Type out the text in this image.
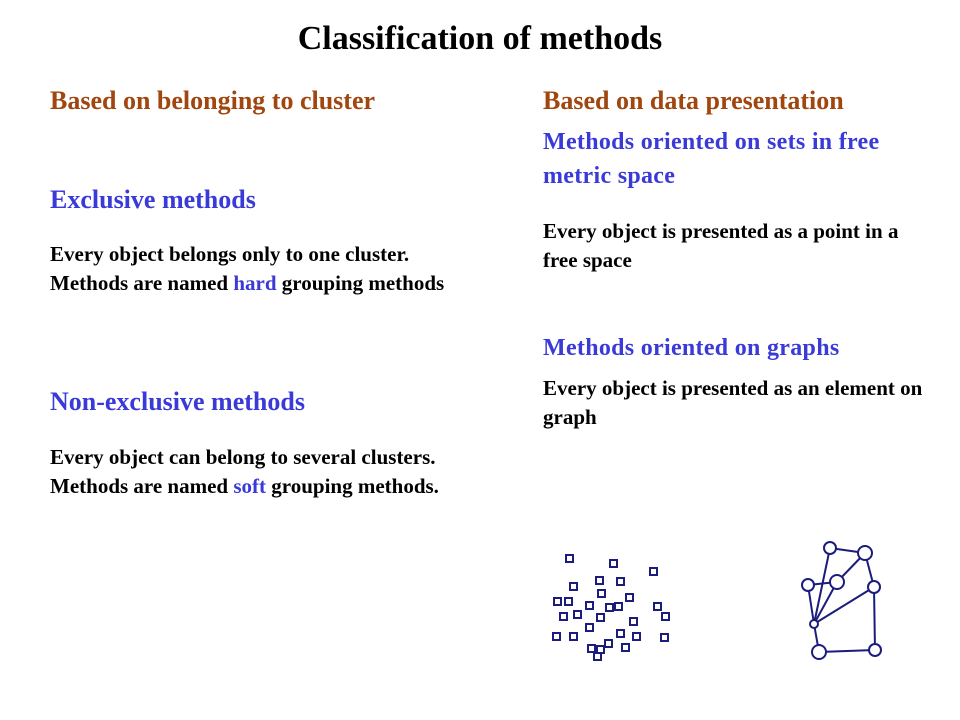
Classification of methods
Based on belonging to cluster
Exclusive methods
Every object belongs only to one cluster. Methods are named hard grouping methods
Non-exclusive methods
Every object can belong to several clusters. Methods are named soft grouping methods.
Based on data presentation
Methods oriented on sets in free metric space
Every object is presented as a point in a free space
Methods oriented on graphs
Every object is presented as an element on graph
